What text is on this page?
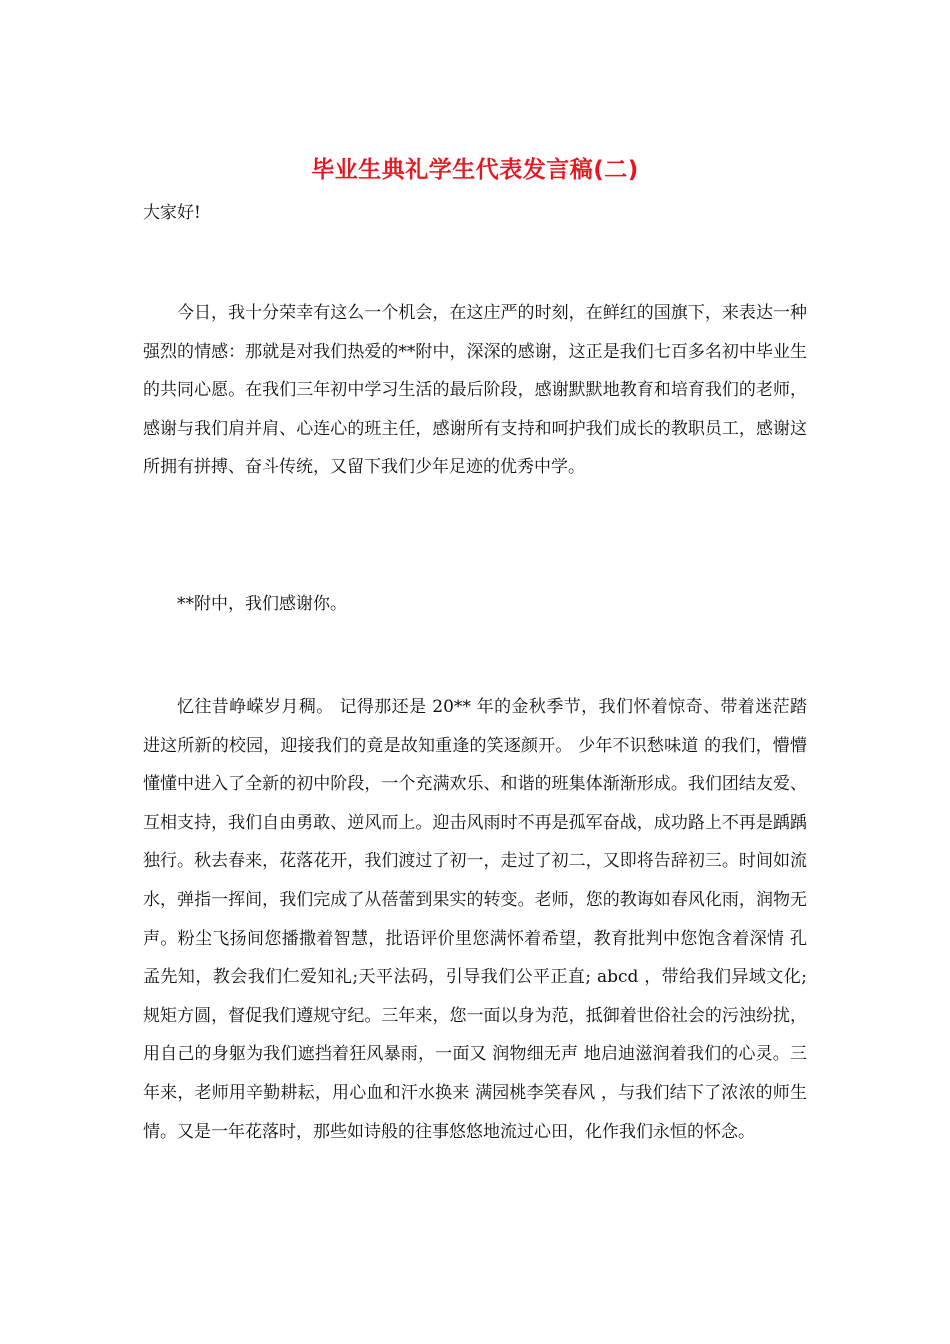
毕业生典礼学生代表发言稿(二)
大家好!

今日，我十分荣幸有这么一个机会，在这庄严的时刻，在鲜红的国旗下，来表达一种强烈的情感：那就是对我们热爱的**附中，深深的感谢，这正是我们七百多名初中毕业生的共同心愿。在我们三年初中学习生活的最后阶段，感谢默默地教育和培育我们的老师，感谢与我们肩并肩、心连心的班主任，感谢所有支持和呵护我们成长的教职员工，感谢这所拥有拼搏、奋斗传统，又留下我们少年足迹的优秀中学。

**附中，我们感谢你。

忆往昔峥嵘岁月稠。 记得那还是 20** 年的金秋季节，我们怀着惊奇、带着迷茫踏进这所新的校园，迎接我们的竟是故知重逢的笑逐颜开。 少年不识愁味道 的我们，懵懵懂懂中进入了全新的初中阶段，一个充满欢乐、和谐的班集体渐渐形成。我们团结友爱、互相支持，我们自由勇敢、逆风而上。迎击风雨时不再是孤军奋战，成功路上不再是踽踽独行。秋去春来，花落花开，我们渡过了初一，走过了初二，又即将告辞初三。时间如流水，弹指一挥间，我们完成了从蓓蕾到果实的转变。老师，您的教诲如春风化雨，润物无声。粉尘飞扬间您播撒着智慧，批语评价里您满怀着希望，教育批判中您饱含着深情 孔孟先知，教会我们仁爱知礼;天平法码，引导我们公平正直; abcd ，带给我们异域文化;规矩方圆，督促我们遵规守纪。三年来，您一面以身为范，抵御着世俗社会的污浊纷扰，用自己的身躯为我们遮挡着狂风暴雨，一面又 润物细无声 地启迪滋润着我们的心灵。三年来，老师用辛勤耕耘，用心血和汗水换来 满园桃李笑春风 ，与我们结下了浓浓的师生情。又是一年花落时，那些如诗般的往事悠悠地流过心田，化作我们永恒的怀念。
